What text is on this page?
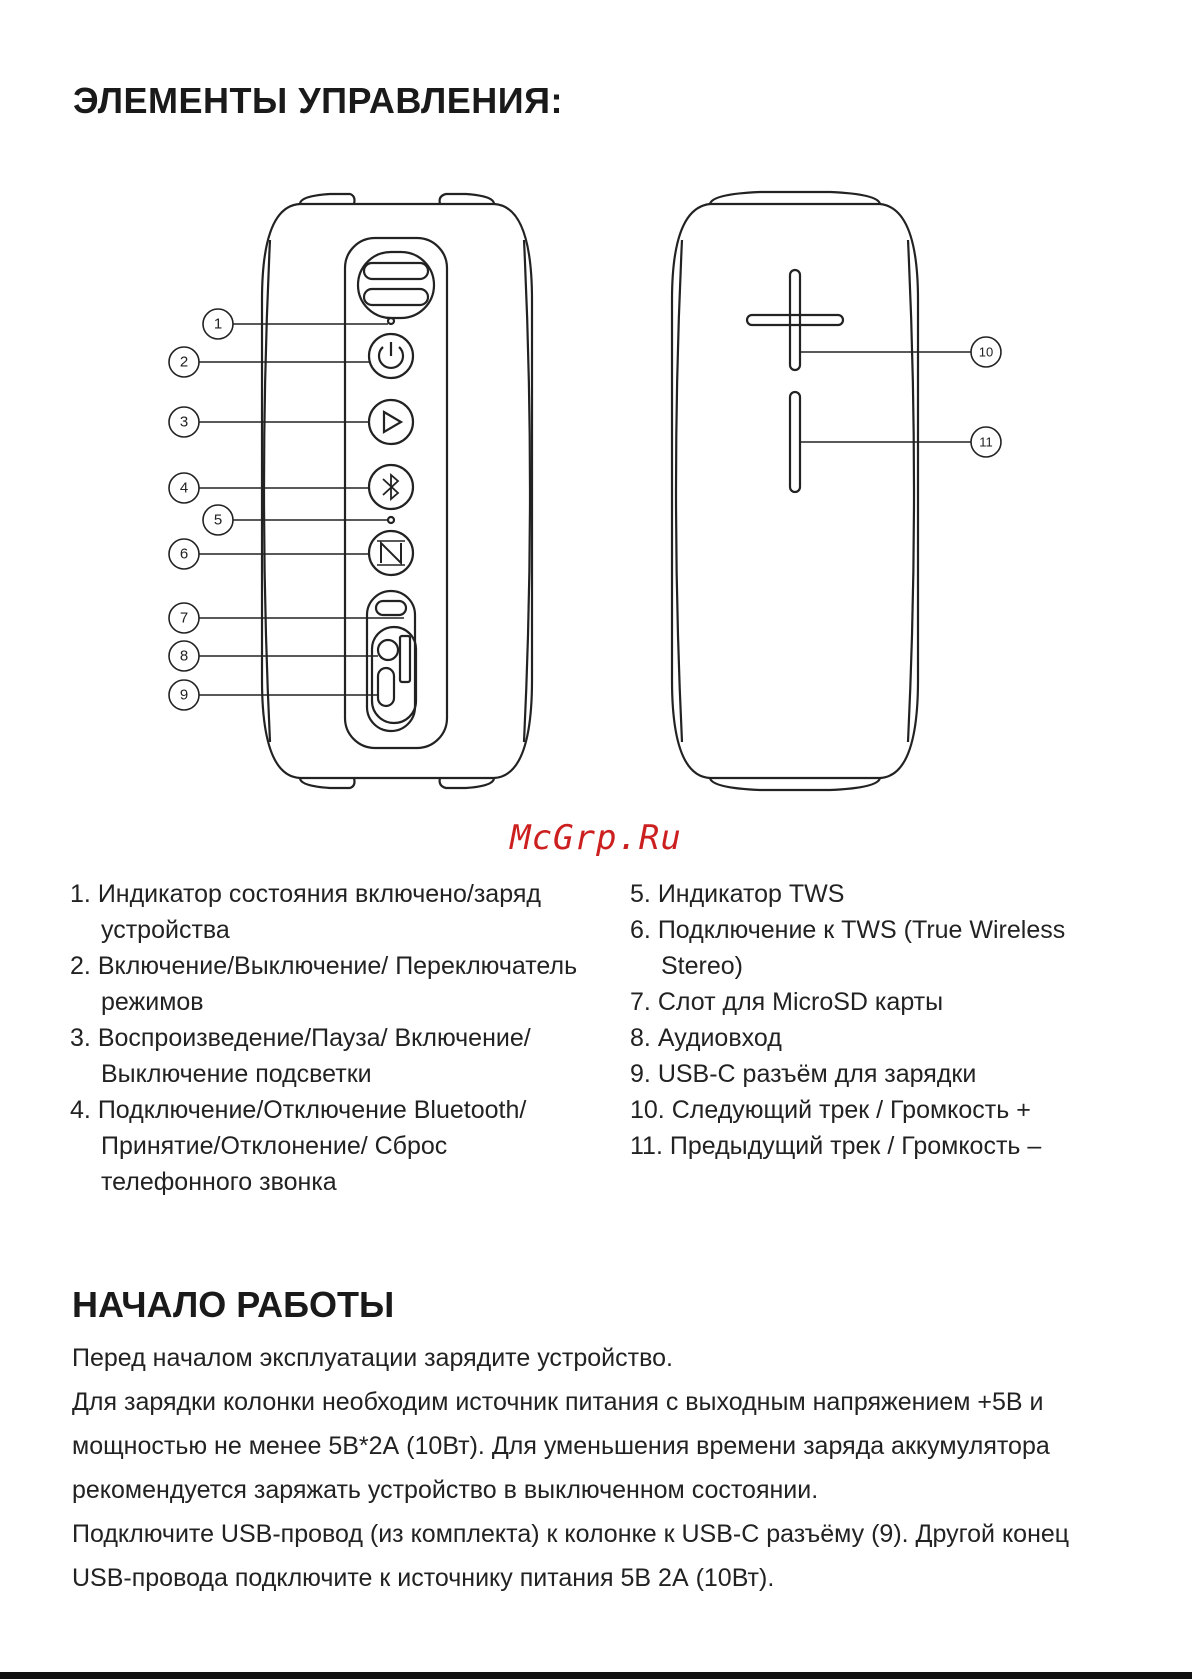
ЭЛЕМЕНТЫ УПРАВЛЕНИЯ:
1
2
3
4
5
6
7
8
9
10
11
McGrp.Ru
1. Индикатор состояния включено/заряд устройства
2. Включение/Выключение/ Переключатель режимов
3. Воспроизведение/Пауза/ Включение/Выключение подсветки
4. Подключение/Отключение Bluetooth/Принятие/Отклонение/ Сброс телефонного звонка
5. Индикатор TWS
6. Подключение к TWS (True Wireless Stereo)
7. Слот для MicroSD карты
8. Аудиовход
9. USB-C разъём для зарядки
10. Следующий трек / Громкость +
11. Предыдущий трек / Громкость –
НАЧАЛО РАБОТЫ

Перед началом эксплуатации зарядите устройство.

Для зарядки колонки необходим источник питания с выходным напряжением +5В и мощностью не менее 5В*2А (10Вт). Для уменьшения времени заряда аккумулятора рекомендуется заряжать устройство в выключенном состоянии.

Подключите USB-провод (из комплекта) к колонке к USB-C разъёму (9). Другой конец USB-провода подключите к источнику питания 5В 2А (10Вт).
